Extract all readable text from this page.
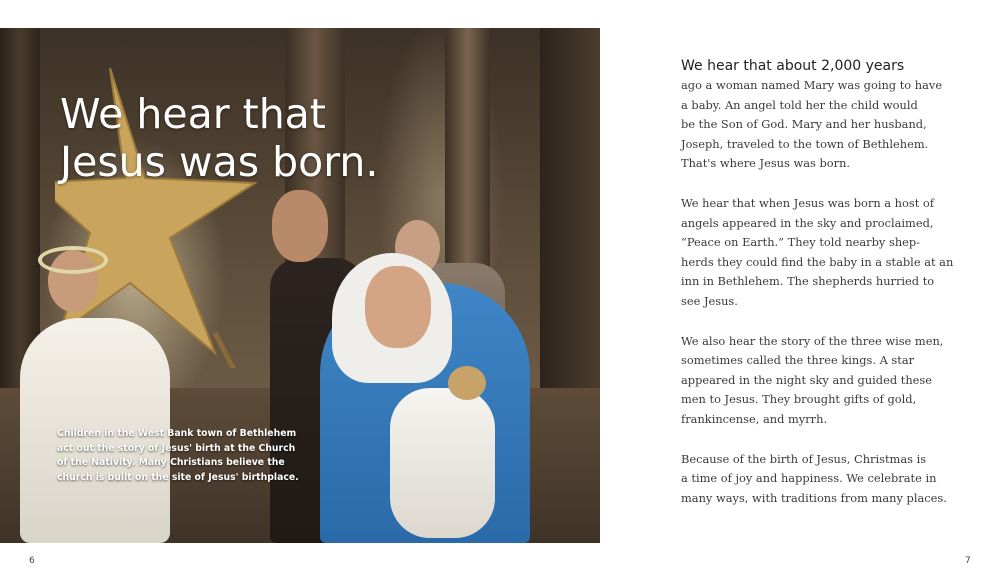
We hear that
Jesus was born.

Children in the West Bank town of Bethlehem act out the story of Jesus' birth at the Church of the Nativity. Many Christians believe the church is built on the site of Jesus' birthplace.

6	7

We hear that about 2,000 years

ago a woman named Mary was going to have
a baby. An angel told her the child would
be the Son of God. Mary and her husband,
Joseph, traveled to the town of Bethlehem.
That's where Jesus was born.

We hear that when Jesus was born a host of
angels appeared in the sky and proclaimed,
“Peace on Earth.” They told nearby shep-
herds they could find the baby in a stable at an
inn in Bethlehem. The shepherds hurried to
see Jesus.

We also hear the story of the three wise men,
sometimes called the three kings. A star
appeared in the night sky and guided these
men to Jesus. They brought gifts of gold,
frankincense, and myrrh.

Because of the birth of Jesus, Christmas is
a time of joy and happiness. We celebrate in
many ways, with traditions from many places.
